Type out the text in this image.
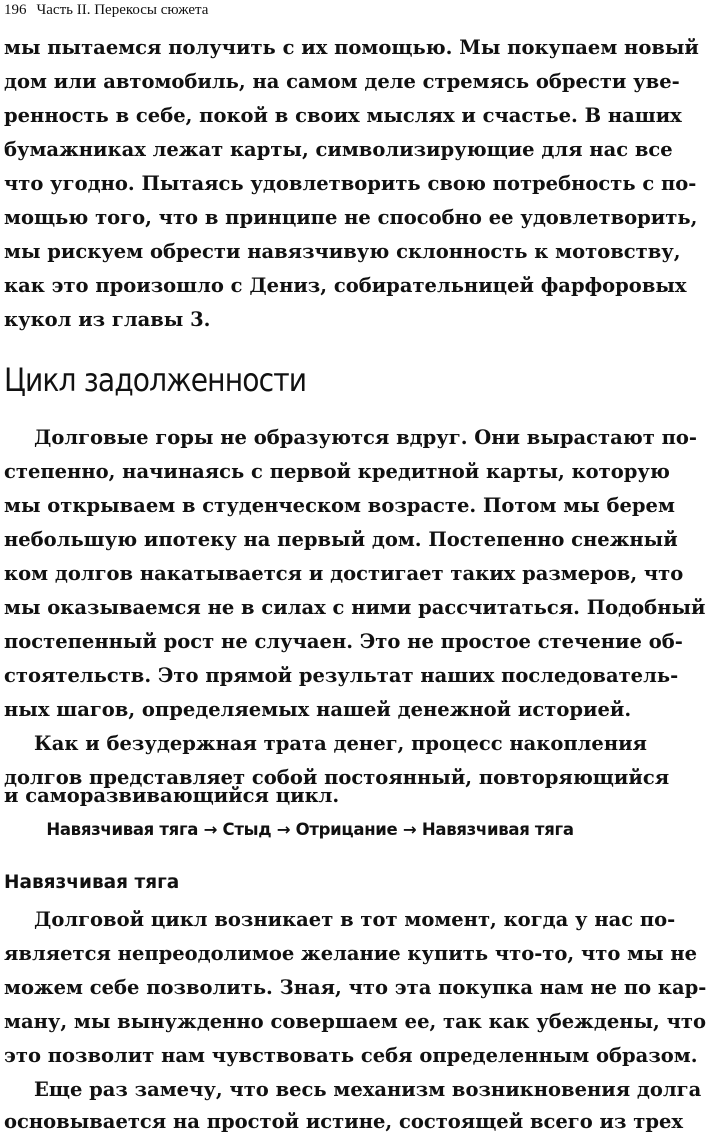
196 Часть II. Перекосы сюжета
мы пытаемся получить с их помощью. Мы покупаем новый
дом или автомобиль, на самом деле стремясь обрести уве-
ренность в себе, покой в своих мыслях и счастье. В наших
бумажниках лежат карты, символизирующие для нас все
что угодно. Пытаясь удовлетворить свою потребность с по-
мощью того, что в принципе не способно ее удовлетворить,
мы рискуем обрести навязчивую склонность к мотовству,
как это произошло с Дениз, собирательницей фарфоровых
кукол из главы 3.
Цикл задолженности
Долговые горы не образуются вдруг. Они вырастают по-
степенно, начинаясь с первой кредитной карты, которую
мы открываем в студенческом возрасте. Потом мы берем
небольшую ипотеку на первый дом. Постепенно снежный
ком долгов накатывается и достигает таких размеров, что
мы оказываемся не в силах с ними рассчитаться. Подобный
постепенный рост не случаен. Это не простое стечение об-
стоятельств. Это прямой результат наших последователь-
ных шагов, определяемых нашей денежной историей.
Как и безудержная трата денег, процесс накопления
долгов представляет собой постоянный, повторяющийся
и саморазвивающийся цикл.
Навязчивая тяга → Стыд → Отрицание → Навязчивая тяга
Навязчивая тяга
Долговой цикл возникает в тот момент, когда у нас по-
является непреодолимое желание купить что-то, что мы не
можем себе позволить. Зная, что эта покупка нам не по кар-
ману, мы вынужденно совершаем ее, так как убеждены, что
это позволит нам чувствовать себя определенным образом.
Еще раз замечу, что весь механизм возникновения долга
основывается на простой истине, состоящей всего из трех
